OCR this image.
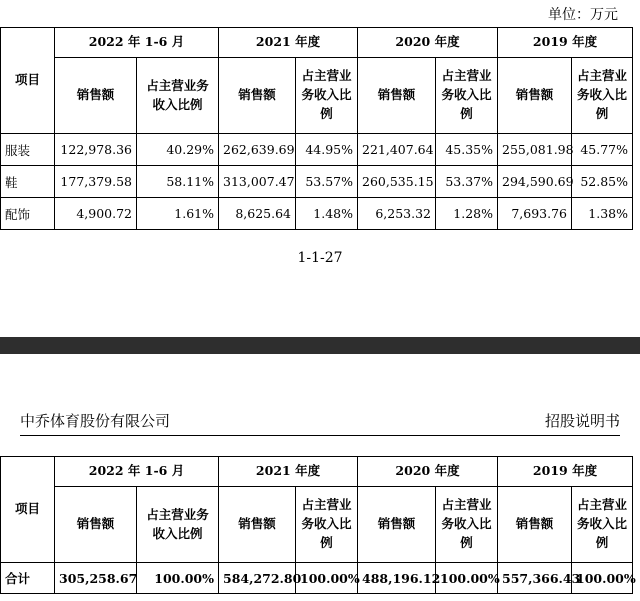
单位：万元
项目	2022 年 1-6 月		2021 年度		2020 年度		2019 年度	
	销售额	占主营业务收入比例	销售额	占主营业务收入比例	销售额	占主营业务收入比例	销售额	占主营业务收入比例
服装	122,978.36	40.29%	262,639.69	44.95%	221,407.64	45.35%	255,081.98	45.77%
鞋	177,379.58	58.11%	313,007.47	53.57%	260,535.15	53.37%	294,590.69	52.85%
配饰	4,900.72	1.61%	8,625.64	1.48%	6,253.32	1.28%	7,693.76	1.38%
1-1-27
中乔体育股份有限公司	招股说明书
项目	2022 年 1-6 月		2021 年度		2020 年度		2019 年度	
	销售额	占主营业务收入比例	销售额	占主营业务收入比例	销售额	占主营业务收入比例	销售额	占主营业务收入比例
合计	305,258.67	100.00%	584,272.80	100.00%	488,196.12	100.00%	557,366.43	100.00%
